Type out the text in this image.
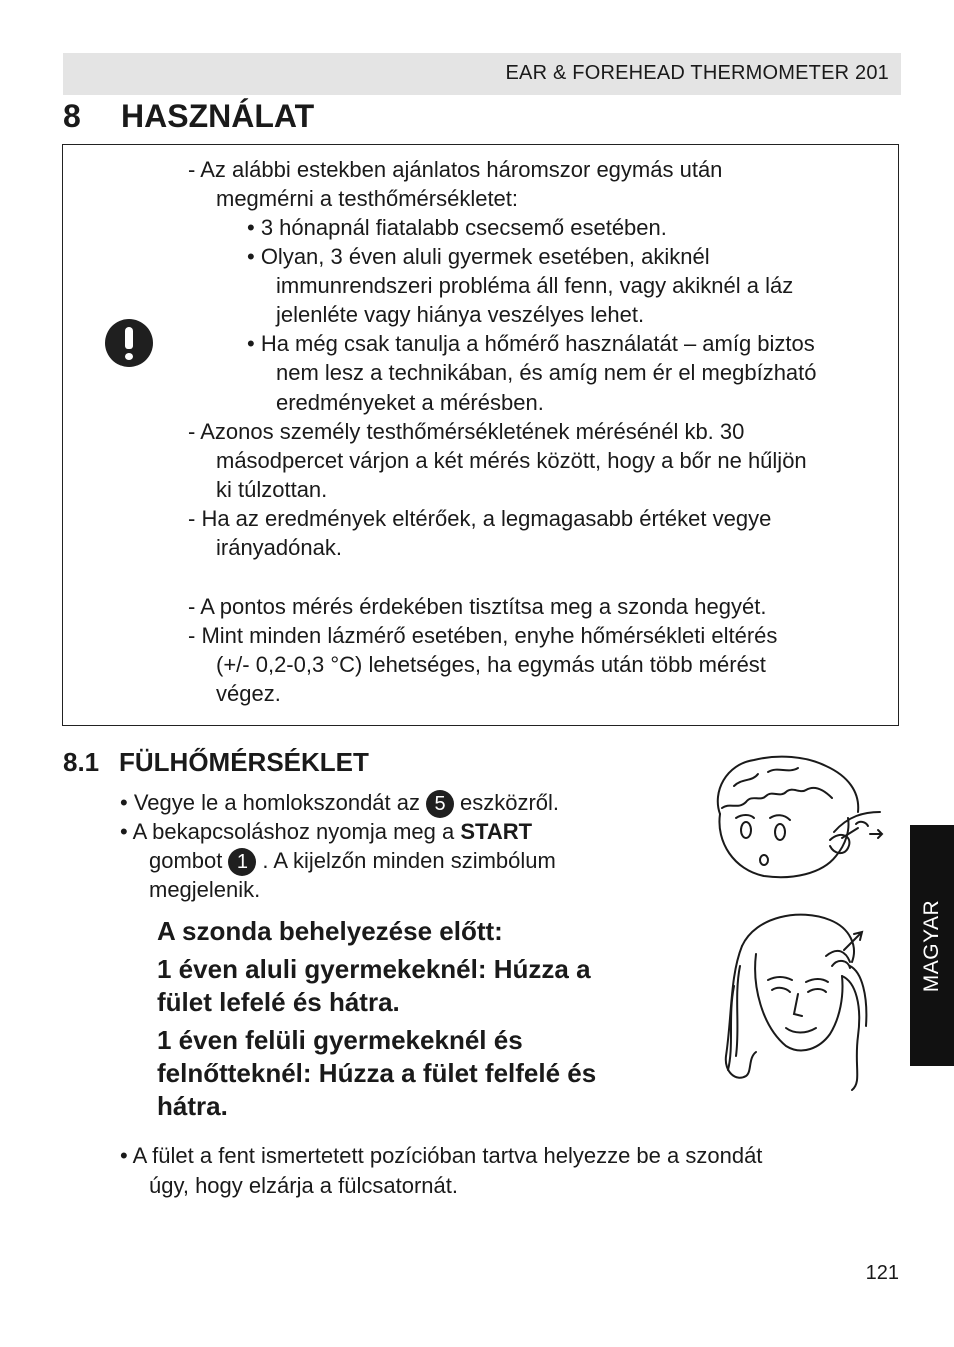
EAR & FOREHEAD THERMOMETER 201
8 HASZNÁLAT
- Az alábbi estekben ajánlatos háromszor egymás után
megmérni a testhőmérsékletet:
• 3 hónapnál fiatalabb csecsemő esetében.
• Olyan, 3 éven aluli gyermek esetében, akiknél
immunrendszeri probléma áll fenn, vagy akiknél a láz
jelenléte vagy hiánya veszélyes lehet.
• Ha még csak tanulja a hőmérő használatát – amíg biztos
nem lesz a technikában, és amíg nem ér el megbízható
eredményeket a mérésben.
- Azonos személy testhőmérsékletének mérésénél kb. 30
másodpercet várjon a két mérés között, hogy a bőr ne hűljön
ki túlzottan.
- Ha az eredmények eltérőek, a legmagasabb értéket vegye
irányadónak.
- A pontos mérés érdekében tisztítsa meg a szonda hegyét.
- Mint minden lázmérő esetében, enyhe hőmérsékleti eltérés
(+/- 0,2-0,3 °C) lehetséges, ha egymás után több mérést
végez.
8.1 FÜLHŐMÉRSÉKLET
• Vegye le a homlokszondát az 5 eszközről.
• A bekapcsoláshoz nyomja meg a START
gombot 1 . A kijelzőn minden szimbólum
megjelenik.
A szonda behelyezése előtt:
1 éven aluli gyermekeknél: Húzza a
fület lefelé és hátra.
1 éven felüli gyermekeknél és
felnőtteknél: Húzza a fület felfelé és
hátra.
• A fület a fent ismertetett pozícióban tartva helyezze be a szondát
úgy, hogy elzárja a fülcsatornát.
MAGYAR
121
